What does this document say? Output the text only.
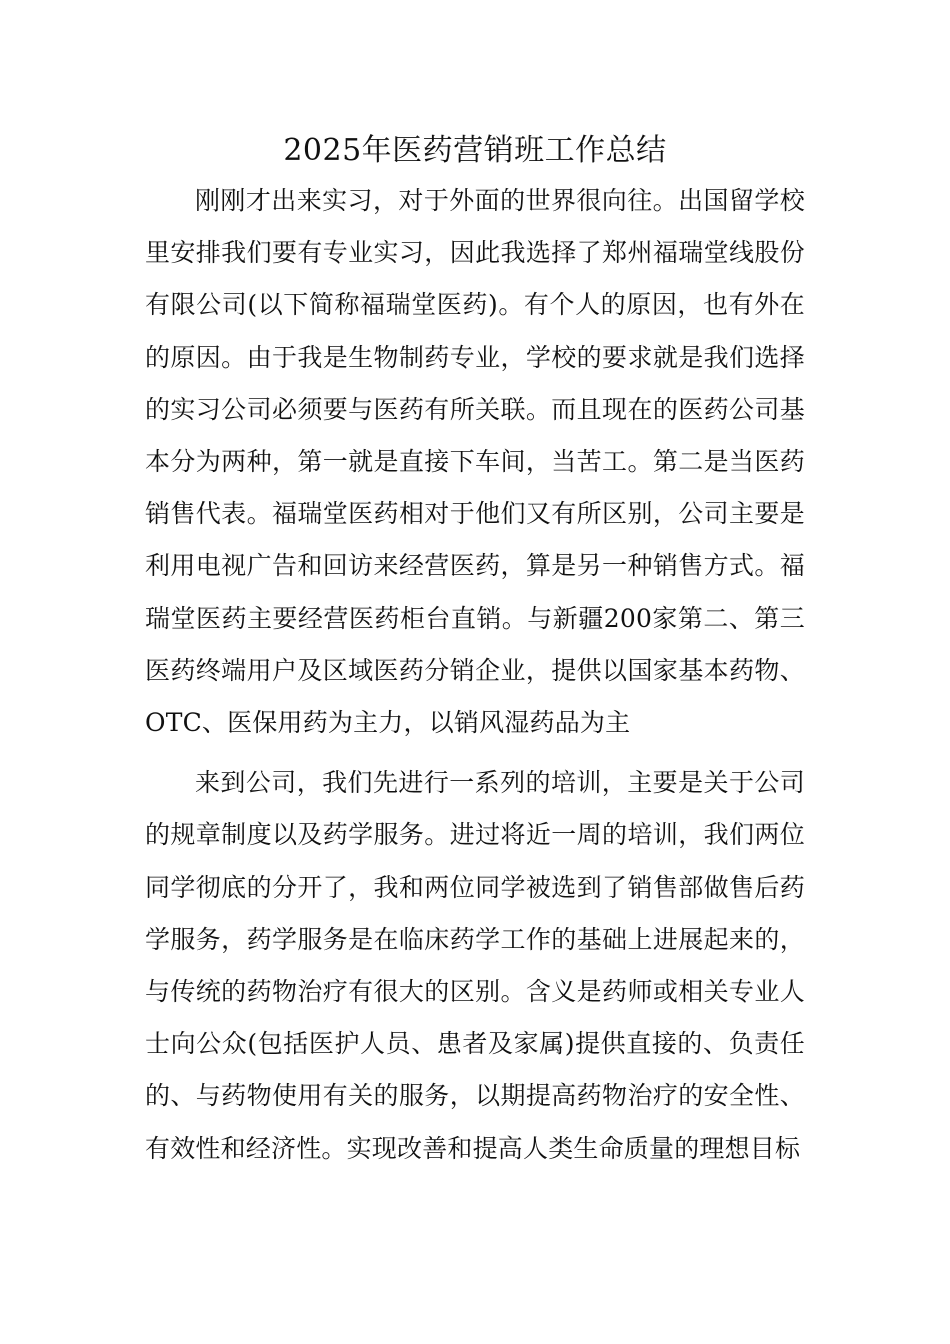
2025年医药营销班工作总结

刚刚才出来实习，对于外面的世界很向往。出国留学校里安排我们要有专业实习，因此我选择了郑州福瑞堂线股份有限公司(以下简称福瑞堂医药)。有个人的原因，也有外在的原因。由于我是生物制药专业，学校的要求就是我们选择的实习公司必须要与医药有所关联。而且现在的医药公司基本分为两种，第一就是直接下车间，当苦工。第二是当医药销售代表。福瑞堂医药相对于他们又有所区别，公司主要是利用电视广告和回访来经营医药，算是另一种销售方式。福瑞堂医药主要经营医药柜台直销。与新疆200家第二、第三医药终端用户及区域医药分销企业，提供以国家基本药物、OTC、医保用药为主力，以销风湿药品为主

来到公司，我们先进行一系列的培训，主要是关于公司的规章制度以及药学服务。进过将近一周的培训，我们两位同学彻底的分开了，我和两位同学被选到了销售部做售后药学服务，药学服务是在临床药学工作的基础上进展起来的，与传统的药物治疗有很大的区别。含义是药师或相关专业人士向公众(包括医护人员、患者及家属)提供直接的、负责任的、与药物使用有关的服务，以期提高药物治疗的安全性、有效性和经济性。实现改善和提高人类生命质量的理想目标
